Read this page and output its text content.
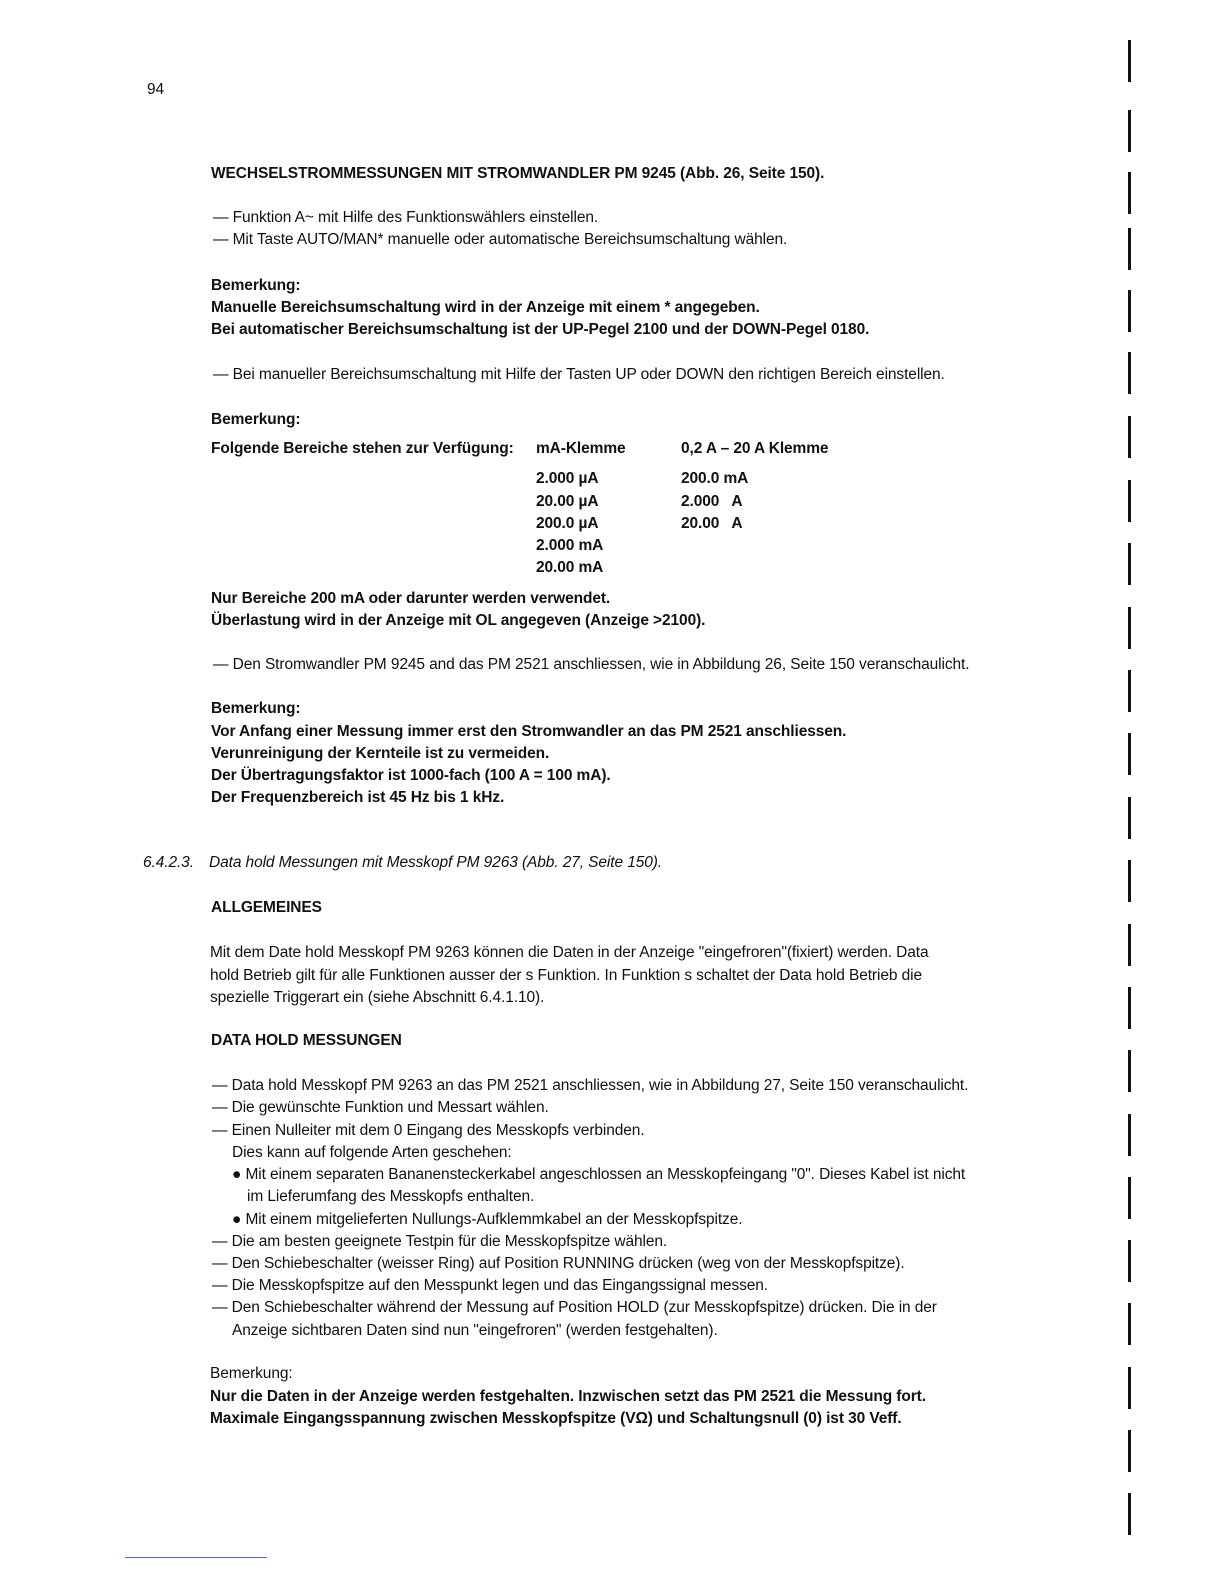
94
WECHSELSTROMMESSUNGEN MIT STROMWANDLER PM 9245 (Abb. 26, Seite 150).
— Funktion A~ mit Hilfe des Funktionswählers einstellen.
— Mit Taste AUTO/MAN* manuelle oder automatische Bereichsumschaltung wählen.
Bemerkung:
Manuelle Bereichsumschaltung wird in der Anzeige mit einem * angegeben.
Bei automatischer Bereichsumschaltung ist der UP-Pegel 2100 und der DOWN-Pegel 0180.
— Bei manueller Bereichsumschaltung mit Hilfe der Tasten UP oder DOWN den richtigen Bereich einstellen.
Bemerkung:
Folgende Bereiche stehen zur Verfügung: mA-Klemme	0,2 A – 20 A Klemme
2.000 µA
20.00 µA
200.0 µA
2.000 mA
20.00 mA
200.0 mA
2.000   A
20.00   A
Nur Bereiche 200 mA oder darunter werden verwendet.
Überlastung wird in der Anzeige mit OL angegeven (Anzeige >2100).
— Den Stromwandler PM 9245 and das PM 2521 anschliessen, wie in Abbildung 26, Seite 150 veranschaulicht.
Bemerkung:
Vor Anfang einer Messung immer erst den Stromwandler an das PM 2521 anschliessen.
Verunreinigung der Kernteile ist zu vermeiden.
Der Übertragungsfaktor ist 1000-fach (100 A = 100 mA).
Der Frequenzbereich ist 45 Hz bis 1 kHz.
6.4.2.3. Data hold Messungen mit Messkopf PM 9263 (Abb. 27, Seite 150).
ALLGEMEINES
Mit dem Date hold Messkopf PM 9263 können die Daten in der Anzeige "eingefroren"(fixiert) werden. Data
hold Betrieb gilt für alle Funktionen ausser der s Funktion. In Funktion s schaltet der Data hold Betrieb die
spezielle Triggerart ein (siehe Abschnitt 6.4.1.10).
DATA HOLD MESSUNGEN
— Data hold Messkopf PM 9263 an das PM 2521 anschliessen, wie in Abbildung 27, Seite 150 veranschaulicht.
— Die gewünschte Funktion und Messart wählen.
— Einen Nulleiter mit dem 0 Eingang des Messkopfs verbinden.
Dies kann auf folgende Arten geschehen:
● Mit einem separaten Bananensteckerkabel angeschlossen an Messkopfeingang "0". Dieses Kabel ist nicht
im Lieferumfang des Messkopfs enthalten.
● Mit einem mitgelieferten Nullungs-Aufklemmkabel an der Messkopfspitze.
— Die am besten geeignete Testpin für die Messkopfspitze wählen.
— Den Schiebeschalter (weisser Ring) auf Position RUNNING drücken (weg von der Messkopfspitze).
— Die Messkopfspitze auf den Messpunkt legen und das Eingangssignal messen.
— Den Schiebeschalter während der Messung auf Position HOLD (zur Messkopfspitze) drücken. Die in der
Anzeige sichtbaren Daten sind nun "eingefroren" (werden festgehalten).
Bemerkung:
Nur die Daten in der Anzeige werden festgehalten. Inzwischen setzt das PM 2521 die Messung fort.
Maximale Eingangsspannung zwischen Messkopfspitze (VΩ) und Schaltungsnull (0) ist 30 Veff.
